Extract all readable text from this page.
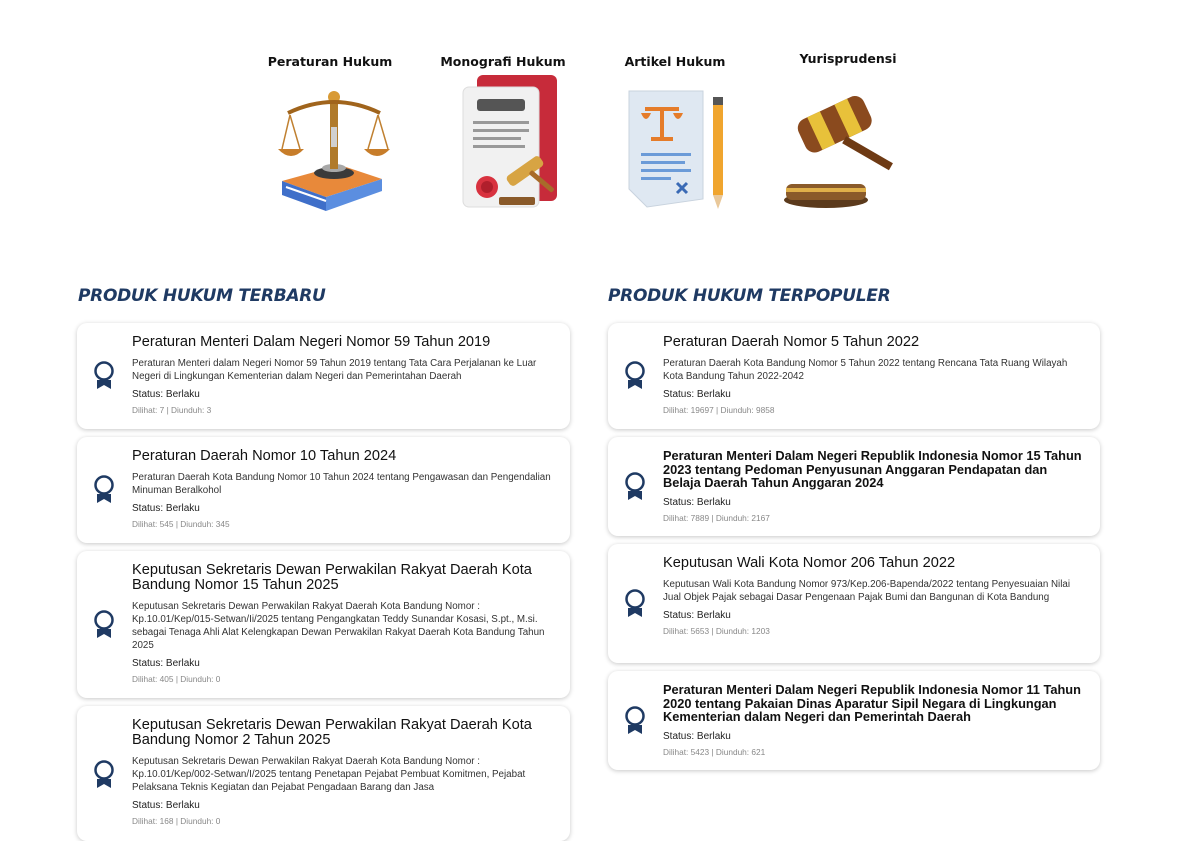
Peraturan Hukum	Monografi Hukum	Artikel Hukum	Yurisprudensi
PRODUK HUKUM TERBARU	PRODUK HUKUM TERPOPULER
Peraturan Menteri Dalam Negeri Nomor 59 Tahun 2019
Peraturan Menteri dalam Negeri Nomor 59 Tahun 2019 tentang Tata Cara Perjalanan ke Luar Negeri di Lingkungan Kementerian dalam Negeri dan Pemerintahan Daerah
Status: Berlaku
Dilihat: 7 | Diunduh: 3
Peraturan Daerah Nomor 10 Tahun 2024
Peraturan Daerah Kota Bandung Nomor 10 Tahun 2024 tentang Pengawasan dan Pengendalian Minuman Beralkohol
Status: Berlaku
Dilihat: 545 | Diunduh: 345
Keputusan Sekretaris Dewan Perwakilan Rakyat Daerah Kota Bandung Nomor 15 Tahun 2025
Keputusan Sekretaris Dewan Perwakilan Rakyat Daerah Kota Bandung Nomor : Kp.10.01/Kep/015-Setwan/Ii/2025 tentang Pengangkatan Teddy Sunandar Kosasi, S.pt., M.si. sebagai Tenaga Ahli Alat Kelengkapan Dewan Perwakilan Rakyat Daerah Kota Bandung Tahun 2025
Status: Berlaku
Dilihat: 405 | Diunduh: 0
Keputusan Sekretaris Dewan Perwakilan Rakyat Daerah Kota Bandung Nomor 2 Tahun 2025
Keputusan Sekretaris Dewan Perwakilan Rakyat Daerah Kota Bandung Nomor : Kp.10.01/Kep/002-Setwan/I/2025 tentang Penetapan Pejabat Pembuat Komitmen, Pejabat Pelaksana Teknis Kegiatan dan Pejabat Pengadaan Barang dan Jasa
Status: Berlaku
Dilihat: 168 | Diunduh: 0
Peraturan Daerah Nomor 5 Tahun 2022
Peraturan Daerah Kota Bandung Nomor 5 Tahun 2022 tentang Rencana Tata Ruang Wilayah Kota Bandung Tahun 2022-2042
Status: Berlaku
Dilihat: 19697 | Diunduh: 9858
Peraturan Menteri Dalam Negeri Republik Indonesia Nomor 15 Tahun 2023 tentang Pedoman Penyusunan Anggaran Pendapatan dan Belaja Daerah Tahun Anggaran 2024
Status: Berlaku
Dilihat: 7889 | Diunduh: 2167
Keputusan Wali Kota Nomor 206 Tahun 2022
Keputusan Wali Kota Bandung Nomor 973/Kep.206-Bapenda/2022 tentang Penyesuaian Nilai Jual Objek Pajak sebagai Dasar Pengenaan Pajak Bumi dan Bangunan di Kota Bandung
Status: Berlaku
Dilihat: 5653 | Diunduh: 1203
Peraturan Menteri Dalam Negeri Republik Indonesia Nomor 11 Tahun 2020 tentang Pakaian Dinas Aparatur Sipil Negara di Lingkungan Kementerian dalam Negeri dan Pemerintah Daerah
Status: Berlaku
Dilihat: 5423 | Diunduh: 621
